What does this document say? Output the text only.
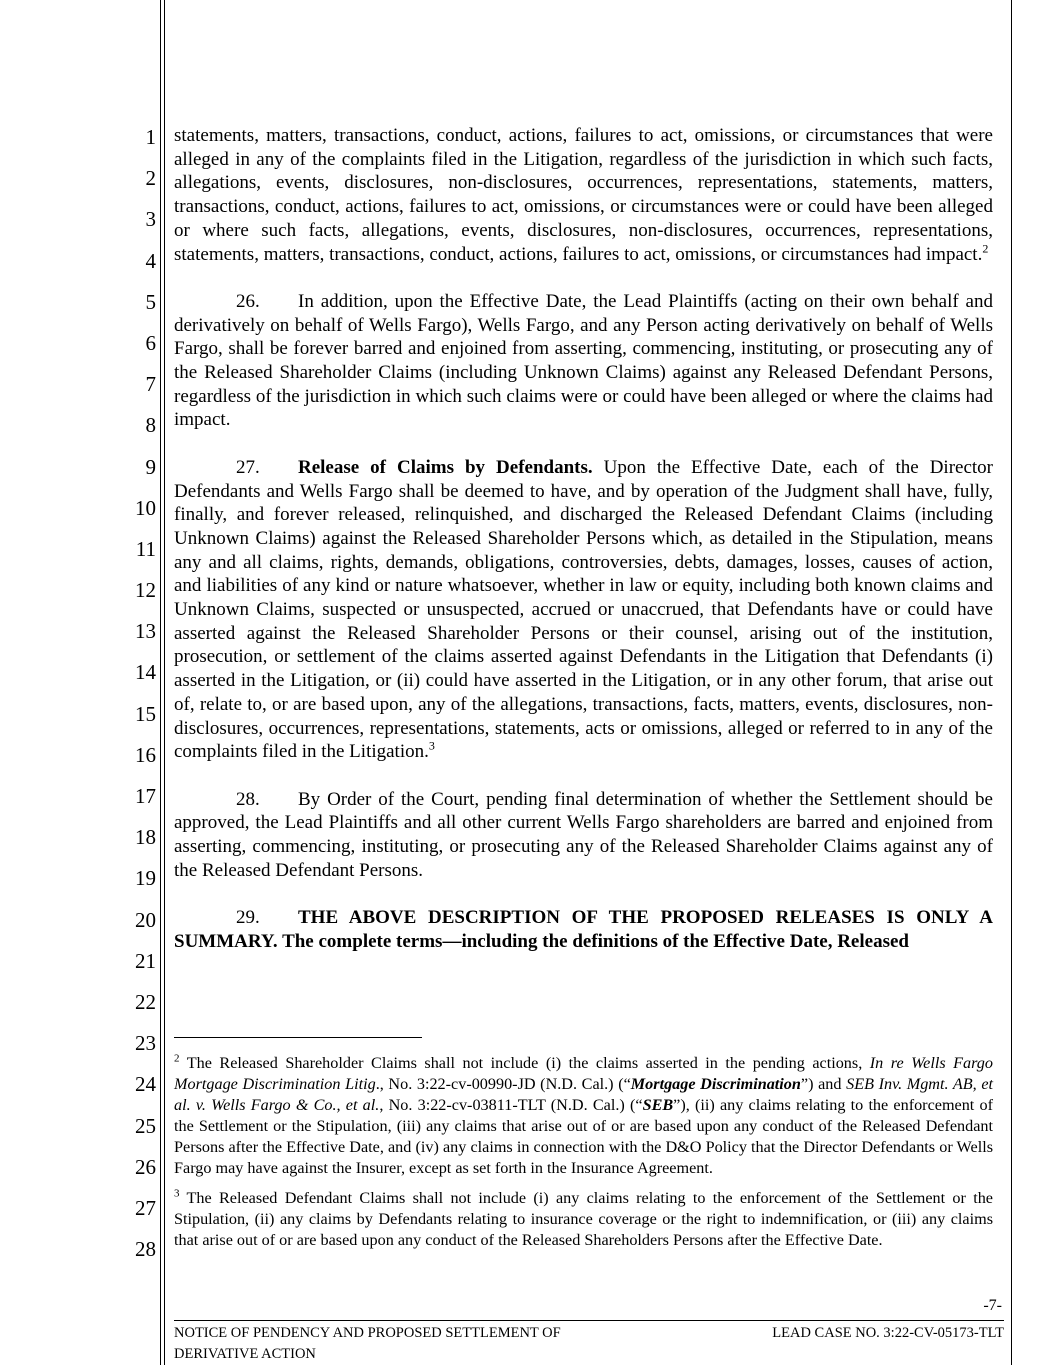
1
2
3
4
5
6
7
8
9
10
11
12
13
14
15
16
17
18
19
20
21
22
23
24
25
26
27
28

statements, matters, transactions, conduct, actions, failures to act, omissions, or circumstances that were alleged in any of the complaints filed in the Litigation, regardless of the jurisdiction in which such facts, allegations, events, disclosures, non-disclosures, occurrences, representations, statements, matters, transactions, conduct, actions, failures to act, omissions, or circumstances were or could have been alleged or where such facts, allegations, events, disclosures, non-disclosures, occurrences, representations, statements, matters, transactions, conduct, actions, failures to act, omissions, or circumstances had impact.$^2$

26. In addition, upon the Effective Date, the Lead Plaintiffs (acting on their own behalf and derivatively on behalf of Wells Fargo), Wells Fargo, and any Person acting derivatively on behalf of Wells Fargo, shall be forever barred and enjoined from asserting, commencing, instituting, or prosecuting any of the Released Shareholder Claims (including Unknown Claims) against any Released Defendant Persons, regardless of the jurisdiction in which such claims were or could have been alleged or where the claims had impact.

27. Release of Claims by Defendants. Upon the Effective Date, each of the Director Defendants and Wells Fargo shall be deemed to have, and by operation of the Judgment shall have, fully, finally, and forever released, relinquished, and discharged the Released Defendant Claims (including Unknown Claims) against the Released Shareholder Persons which, as detailed in the Stipulation, means any and all claims, rights, demands, obligations, controversies, debts, damages, losses, causes of action, and liabilities of any kind or nature whatsoever, whether in law or equity, including both known claims and Unknown Claims, suspected or unsuspected, accrued or unaccrued, that Defendants have or could have asserted against the Released Shareholder Persons or their counsel, arising out of the institution, prosecution, or settlement of the claims asserted against Defendants in the Litigation that Defendants (i) asserted in the Litigation, or (ii) could have asserted in the Litigation, or in any other forum, that arise out of, relate to, or are based upon, any of the allegations, transactions, facts, matters, events, disclosures, non-disclosures, occurrences, representations, statements, acts or omissions, alleged or referred to in any of the complaints filed in the Litigation.$^3$

28. By Order of the Court, pending final determination of whether the Settlement should be approved, the Lead Plaintiffs and all other current Wells Fargo shareholders are barred and enjoined from asserting, commencing, instituting, or prosecuting any of the Released Shareholder Claims against any of the Released Defendant Persons.

29. THE ABOVE DESCRIPTION OF THE PROPOSED RELEASES IS ONLY A SUMMARY. The complete terms—including the definitions of the Effective Date, Released

$^2$ The Released Shareholder Claims shall not include (i) the claims asserted in the pending actions, In re Wells Fargo Mortgage Discrimination Litig., No. 3:22-cv-00990-JD (N.D. Cal.) (“Mortgage Discrimination”) and SEB Inv. Mgmt. AB, et al. v. Wells Fargo & Co., et al., No. 3:22-cv-03811-TLT (N.D. Cal.) (“SEB”), (ii) any claims relating to the enforcement of the Settlement or the Stipulation, (iii) any claims that arise out of or are based upon any conduct of the Released Defendant Persons after the Effective Date, and (iv) any claims in connection with the D&O Policy that the Director Defendants or Wells Fargo may have against the Insurer, except as set forth in the Insurance Agreement.

$^3$ The Released Defendant Claims shall not include (i) any claims relating to the enforcement of the Settlement or the Stipulation, (ii) any claims by Defendants relating to insurance coverage or the right to indemnification, or (iii) any claims that arise out of or are based upon any conduct of the Released Shareholders Persons after the Effective Date.

-7-
NOTICE OF PENDENCY AND PROPOSED SETTLEMENT OF
DERIVATIVE ACTION
LEAD CASE NO. 3:22-CV-05173-TLT
